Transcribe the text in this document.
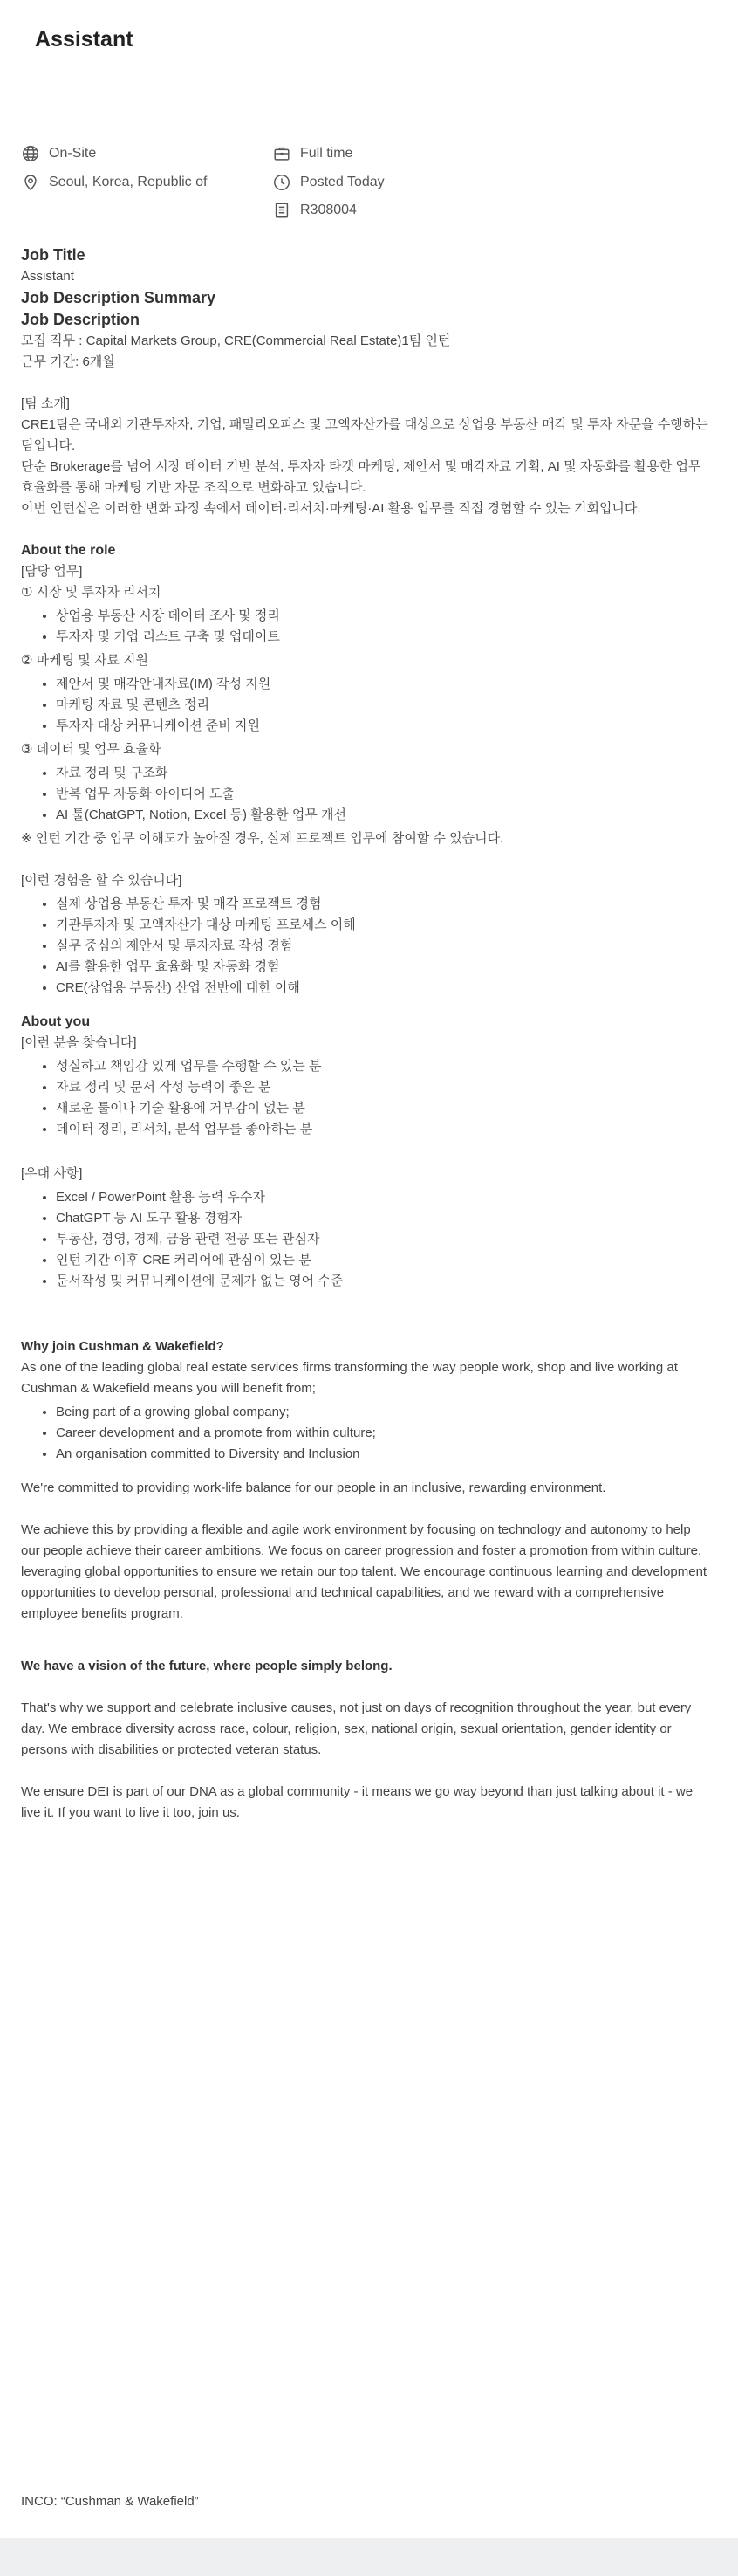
Assistant
On-Site
Seoul, Korea, Republic of
Full time
Posted Today
R308004
Job Title

Assistant

Job Description Summary
Job Description

모집 직무 : Capital Markets Group, CRE(Commercial Real Estate)1팀 인턴

근무 기간: 6개월

[팀 소개]

CRE1팀은 국내외 기관투자자, 기업, 패밀리오피스 및 고액자산가를 대상으로 상업용 부동산 매각 및 투자 자문을 수행하는 팀입니다.

단순 Brokerage를 넘어 시장 데이터 기반 분석, 투자자 타겟 마케팅, 제안서 및 매각자료 기획, AI 및 자동화를 활용한 업무 효율화를 통해 마케팅 기반 자문 조직으로 변화하고 있습니다.

이번 인턴십은 이러한 변화 과정 속에서 데이터·리서치·마케팅·AI 활용 업무를 직접 경험할 수 있는 기회입니다.

About the role

[담당 업무]

① 시장 및 투자자 리서치

• 상업용 부동산 시장 데이터 조사 및 정리
• 투자자 및 기업 리스트 구축 및 업데이트

② 마케팅 및 자료 지원

• 제안서 및 매각안내자료(IM) 작성 지원
• 마케팅 자료 및 콘텐츠 정리
• 투자자 대상 커뮤니케이션 준비 지원

③ 데이터 및 업무 효율화

• 자료 정리 및 구조화
• 반복 업무 자동화 아이디어 도출
• AI 툴(ChatGPT, Notion, Excel 등) 활용한 업무 개선

※ 인턴 기간 중 업무 이해도가 높아질 경우, 실제 프로젝트 업무에 참여할 수 있습니다.

[이런 경험을 할 수 있습니다]

• 실제 상업용 부동산 투자 및 매각 프로젝트 경험
• 기관투자자 및 고액자산가 대상 마케팅 프로세스 이해
• 실무 중심의 제안서 및 투자자료 작성 경험
• AI를 활용한 업무 효율화 및 자동화 경험
• CRE(상업용 부동산) 산업 전반에 대한 이해
About you

[이런 분을 찾습니다]

• 성실하고 책임감 있게 업무를 수행할 수 있는 분
• 자료 정리 및 문서 작성 능력이 좋은 분
• 새로운 툴이나 기술 활용에 거부감이 없는 분
• 데이터 정리, 리서치, 분석 업무를 좋아하는 분

[우대 사항]

• Excel / PowerPoint 활용 능력 우수자
• ChatGPT 등 AI 도구 활용 경험자
• 부동산, 경영, 경제, 금융 관련 전공 또는 관심자
• 인턴 기간 이후 CRE 커리어에 관심이 있는 분
• 문서작성 및 커뮤니케이션에 문제가 없는 영어 수준

Why join Cushman & Wakefield?

As one of the leading global real estate services firms transforming the way people work, shop and live working at Cushman & Wakefield means you will benefit from;

• Being part of a growing global company;
• Career development and a promote from within culture;
• An organisation committed to Diversity and Inclusion

We're committed to providing work-life balance for our people in an inclusive, rewarding environment.

We achieve this by providing a flexible and agile work environment by focusing on technology and autonomy to help our people achieve their career ambitions. We focus on career progression and foster a promotion from within culture, leveraging global opportunities to ensure we retain our top talent. We encourage continuous learning and development opportunities to develop personal, professional and technical capabilities, and we reward with a comprehensive employee benefits program.

We have a vision of the future, where people simply belong.

That's why we support and celebrate inclusive causes, not just on days of recognition throughout the year, but every day. We embrace diversity across race, colour, religion, sex, national origin, sexual orientation, gender identity or persons with disabilities or protected veteran status.

We ensure DEI is part of our DNA as a global community - it means we go way beyond than just talking about it - we live it. If you want to live it too, join us.

INCO: “Cushman & Wakefield”
